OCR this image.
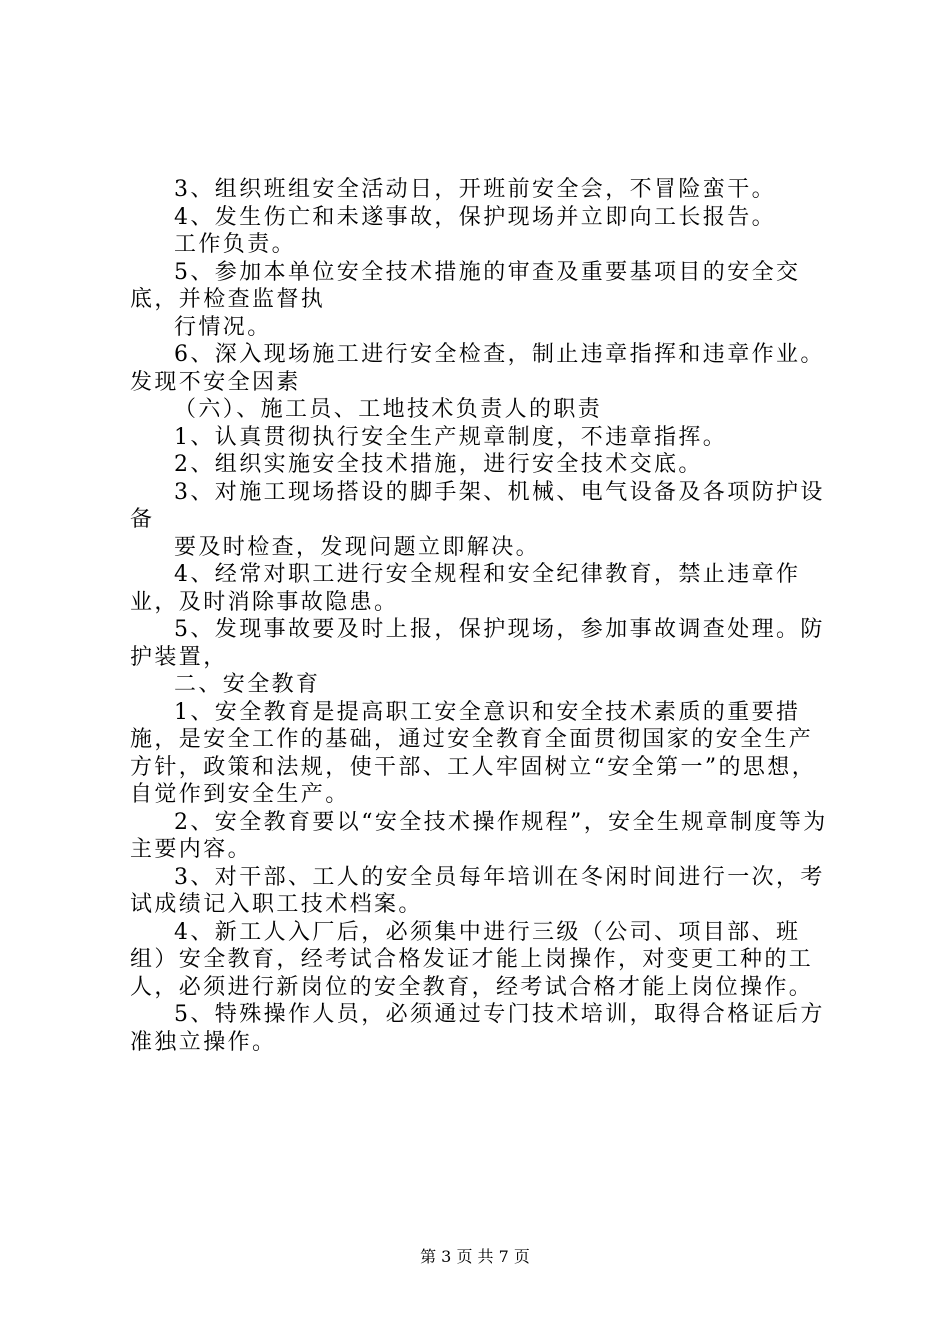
3、组织班组安全活动日，开班前安全会，不冒险蛮干。

4、发生伤亡和未遂事故，保护现场并立即向工长报告。

工作负责。

5、参加本单位安全技术措施的审查及重要基项目的安全交底，并检查监督执

行情况。

6、深入现场施工进行安全检查，制止违章指挥和违章作业。发现不安全因素

（六）、施工员、工地技术负责人的职责

1、认真贯彻执行安全生产规章制度，不违章指挥。

2、组织实施安全技术措施，进行安全技术交底。

3、对施工现场搭设的脚手架、机械、电气设备及各项防护设备

要及时检查，发现问题立即解决。

4、经常对职工进行安全规程和安全纪律教育，禁止违章作业，及时消除事故隐患。

5、发现事故要及时上报，保护现场，参加事故调查处理。防护装置，

二、安全教育

1、安全教育是提高职工安全意识和安全技术素质的重要措施，是安全工作的基础，通过安全教育全面贯彻国家的安全生产方针，政策和法规，使干部、工人牢固树立“安全第一”的思想，自觉作到安全生产。

2、安全教育要以“安全技术操作规程”，安全生规章制度等为主要内容。

3、对干部、工人的安全员每年培训在冬闲时间进行一次，考试成绩记入职工技术档案。

4、新工人入厂后，必须集中进行三级（公司、项目部、班组）安全教育，经考试合格发证才能上岗操作，对变更工种的工人，必须进行新岗位的安全教育，经考试合格才能上岗位操作。

5、特殊操作人员，必须通过专门技术培训，取得合格证后方准独立操作。

第 3 页 共 7 页
